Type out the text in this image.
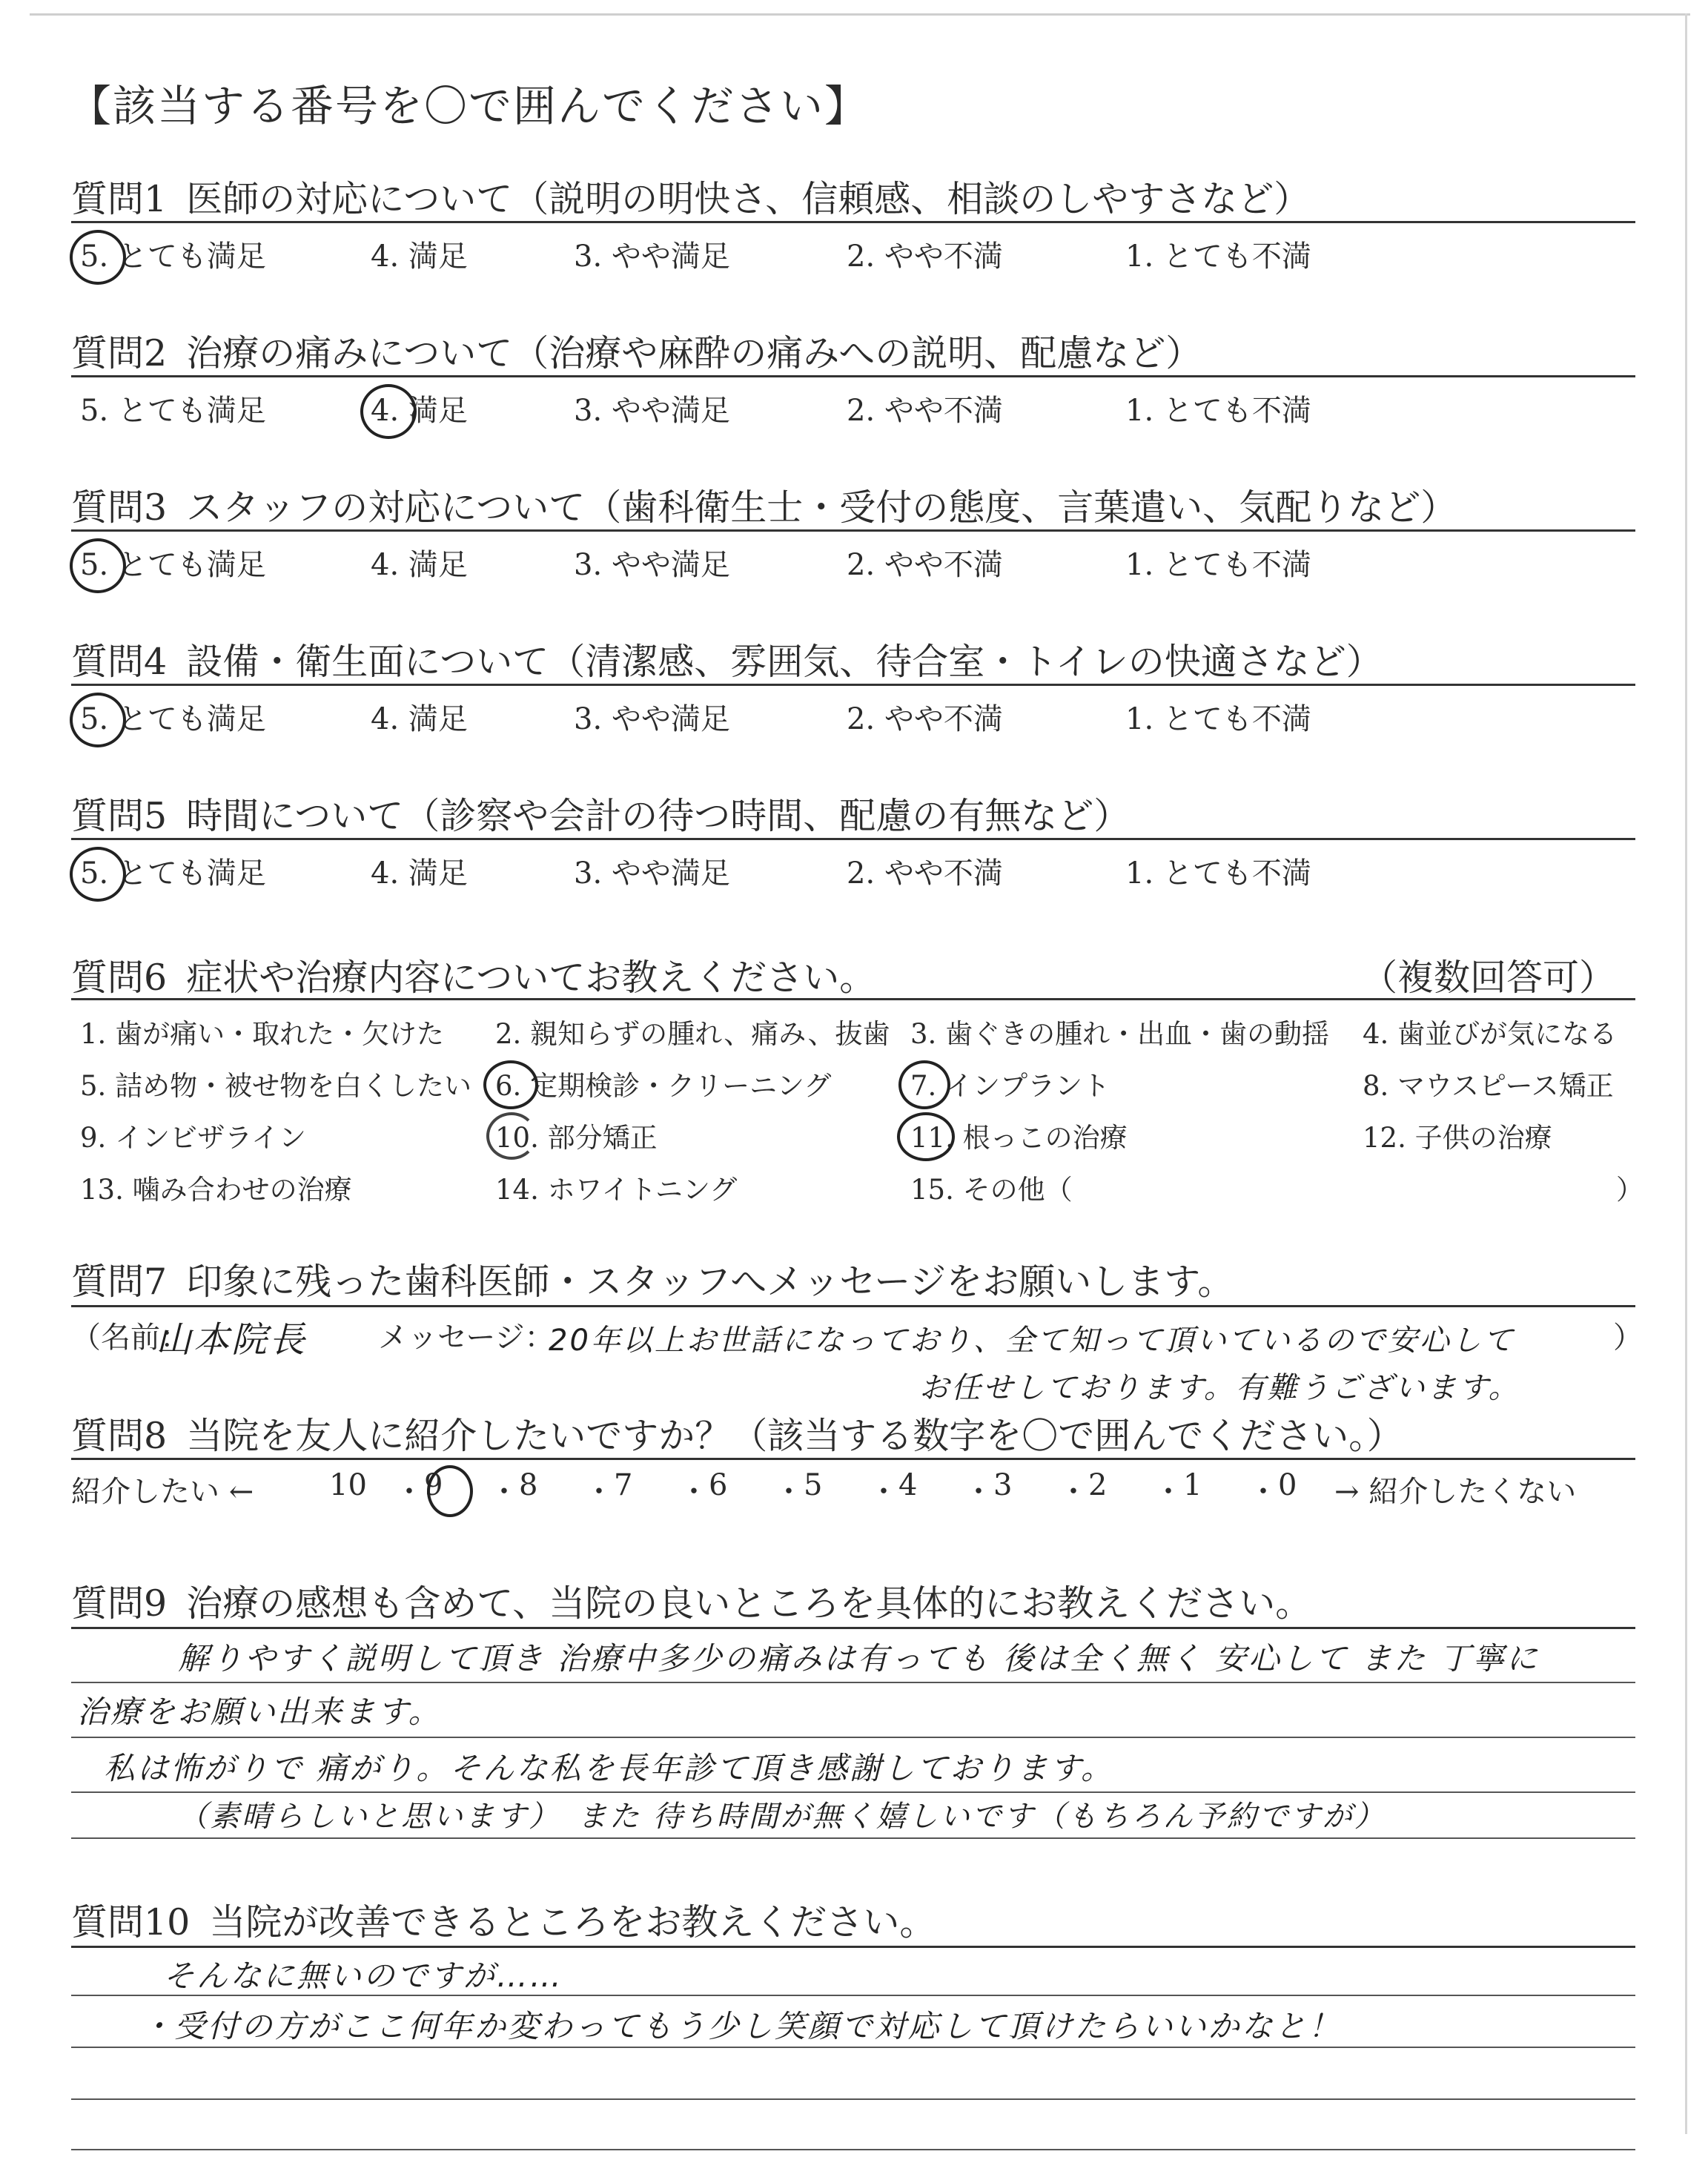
【該当する番号を〇で囲んでください】
質問1 医師の対応について（説明の明快さ、信頼感、相談のしやすさなど）
5. とても満足	4. 満足	3. やや満足	2. やや不満	1. とても不満
質問2 治療の痛みについて（治療や麻酔の痛みへの説明、配慮など）
5. とても満足	4. 満足	3. やや満足	2. やや不満	1. とても不満
質問3 スタッフの対応について（歯科衛生士・受付の態度、言葉遣い、気配りなど）
5. とても満足	4. 満足	3. やや満足	2. やや不満	1. とても不満
質問4 設備・衛生面について（清潔感、雰囲気、待合室・トイレの快適さなど）
5. とても満足	4. 満足	3. やや満足	2. やや不満	1. とても不満
質問5 時間について（診察や会計の待つ時間、配慮の有無など）
5. とても満足	4. 満足	3. やや満足	2. やや不満	1. とても不満
質問6 症状や治療内容についてお教えください。	（複数回答可）
1. 歯が痛い・取れた・欠けた 2. 親知らずの腫れ、痛み、抜歯 3. 歯ぐきの腫れ・出血・歯の動揺 4. 歯並びが気になる
5. 詰め物・被せ物を白くしたい 6. 定期検診・クリーニング	7. インプラント	8. マウスピース矯正
9. インビザライン	10. 部分矯正	11. 根っこの治療	12. 子供の治療
13. 噛み合わせの治療	14. ホワイトニング	15. その他（	）
質問7 印象に残った歯科医師・スタッフへメッセージをお願いします。
（名前：
山本院長 メッセージ：
20年以上お世話になっており、全て知って頂いているので安心して	）
お任せしております。有難うございます。
質問8 当院を友人に紹介したいですか？（該当する数字を〇で囲んでください。）
紹介したい ←	10 ・ 9 ・ 8 ・ 7 ・ 6 ・ 5 ・ 4 ・ 3 ・ 2 ・ 1 ・ 0 → 紹介したくない
質問9 治療の感想も含めて、当院の良いところを具体的にお教えください。
解りやすく説明して頂き 治療中多少の痛みは有っても 後は全く無く 安心して また 丁寧に
治療をお願い出来ます。
私は怖がりで 痛がり。そんな私を長年診て頂き感謝しております。
（素晴らしいと思います）　また 待ち時間が無く嬉しいです（もちろん予約ですが）
質問10 当院が改善できるところをお教えください。
そんなに無いのですが……
・受付の方がここ何年か変わってもう少し笑顔で対応して頂けたらいいかなと！
